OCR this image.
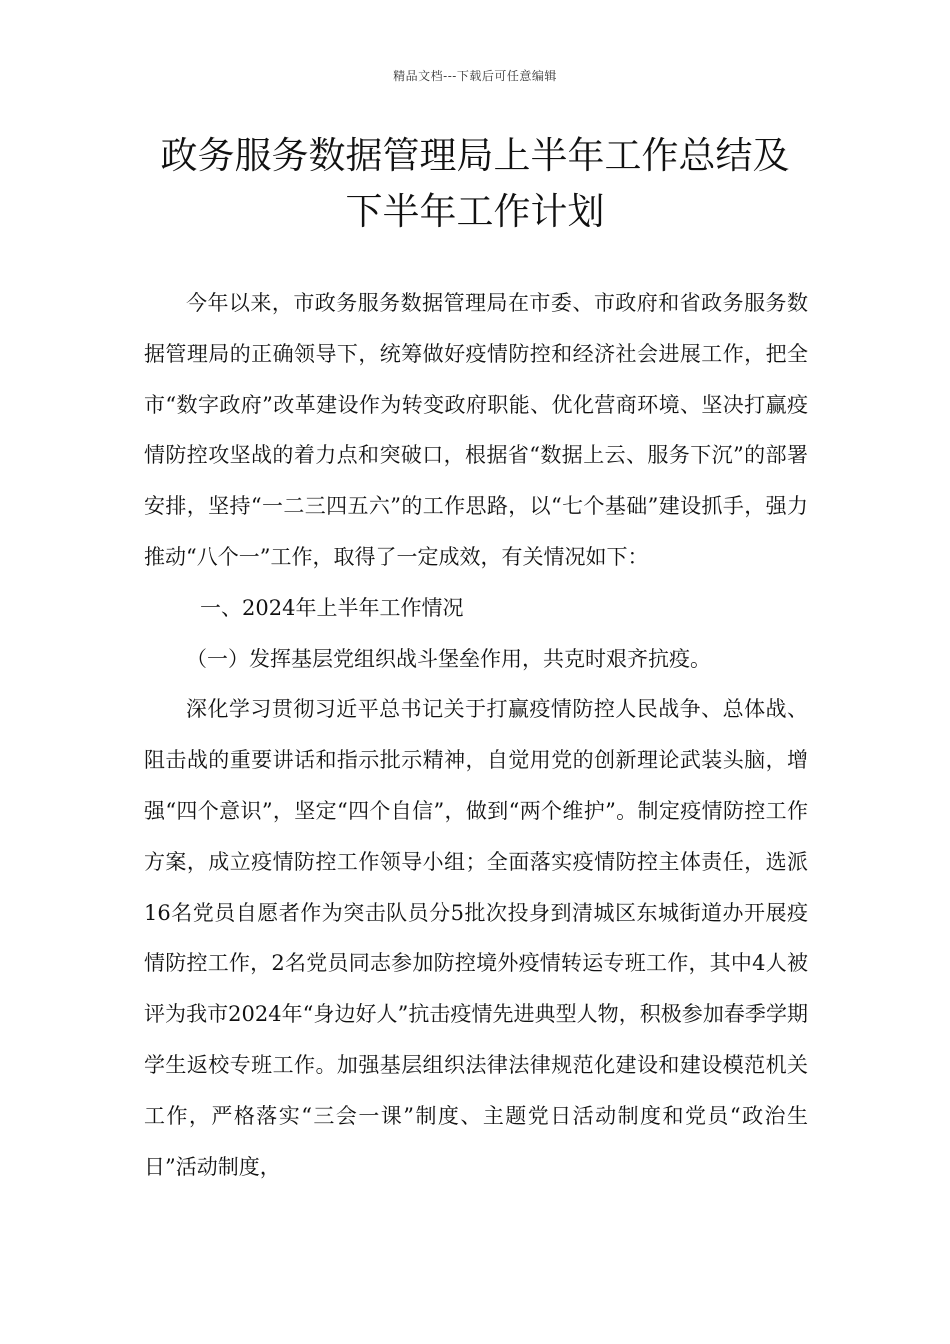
精品文档---下载后可任意编辑
政务服务数据管理局上半年工作总结及
下半年工作计划

今年以来，市政务服务数据管理局在市委、市政府和省政务服务数据管理局的正确领导下，统筹做好疫情防控和经济社会进展工作，把全市“数字政府”改革建设作为转变政府职能、优化营商环境、坚决打赢疫情防控攻坚战的着力点和突破口，根据省“数据上云、服务下沉”的部署安排，坚持“一二三四五六”的工作思路，以“七个基础”建设抓手，强力推动“八个一”工作，取得了一定成效，有关情况如下：

一、2024年上半年工作情况

（一）发挥基层党组织战斗堡垒作用，共克时艰齐抗疫。

深化学习贯彻习近平总书记关于打赢疫情防控人民战争、总体战、阻击战的重要讲话和指示批示精神，自觉用党的创新理论武装头脑，增强“四个意识”，坚定“四个自信”，做到“两个维护”。制定疫情防控工作方案，成立疫情防控工作领导小组；全面落实疫情防控主体责任，选派16名党员自愿者作为突击队员分5批次投身到清城区东城街道办开展疫情防控工作，2名党员同志参加防控境外疫情转运专班工作，其中4人被评为我市2024年“身边好人”抗击疫情先进典型人物，积极参加春季学期学生返校专班工作。加强基层组织法律法律规范化建设和建设模范机关工作，严格落实“三会一课”制度、主题党日活动制度和党员“政治生日”活动制度，
